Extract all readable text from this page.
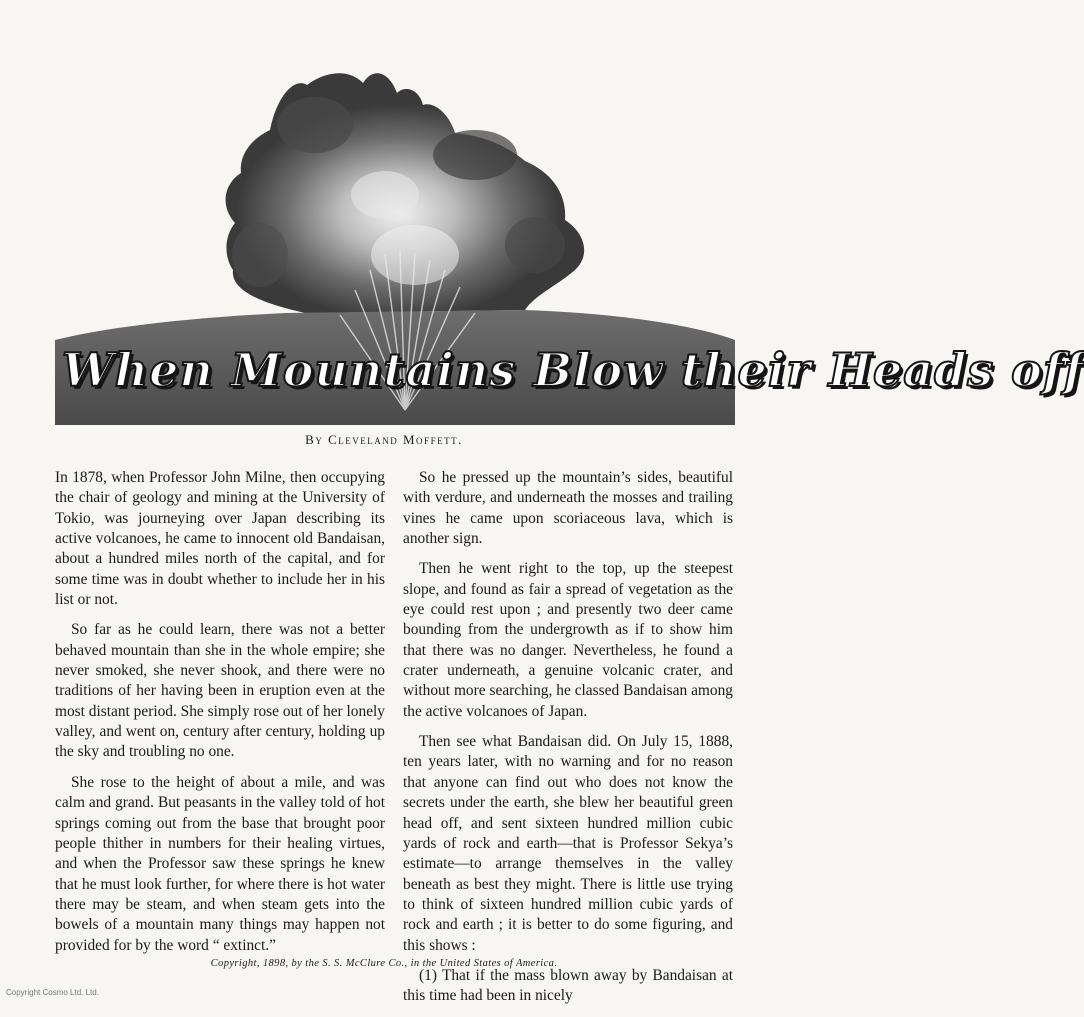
When Mountains Blow their Heads off
By Cleveland Moffett.

In 1878, when Professor John Milne, then occupying the chair of geology and mining at the University of Tokio, was journeying over Japan describing its active volcanoes, he came to innocent old Bandaisan, about a hundred miles north of the capital, and for some time was in doubt whether to include her in his list or not.

So far as he could learn, there was not a better behaved mountain than she in the whole empire; she never smoked, she never shook, and there were no traditions of her having been in eruption even at the most distant period. She simply rose out of her lonely valley, and went on, century after century, holding up the sky and troubling no one.

She rose to the height of about a mile, and was calm and grand. But peasants in the valley told of hot springs coming out from the base that brought poor people thither in numbers for their healing virtues, and when the Professor saw these springs he knew that he must look further, for where there is hot water there may be steam, and when steam gets into the bowels of a mountain many things may happen not provided for by the word “ extinct.”

So he pressed up the mountain’s sides, beautiful with verdure, and underneath the mosses and trailing vines he came upon scoriaceous lava, which is another sign.

Then he went right to the top, up the steepest slope, and found as fair a spread of vegetation as the eye could rest upon ; and presently two deer came bounding from the undergrowth as if to show him that there was no danger. Nevertheless, he found a crater underneath, a genuine volcanic crater, and without more searching, he classed Bandaisan among the active volcanoes of Japan.

Then see what Bandaisan did. On July 15, 1888, ten years later, with no warning and for no reason that anyone can find out who does not know the secrets under the earth, she blew her beautiful green head off, and sent sixteen hundred million cubic yards of rock and earth—that is Professor Sekya’s estimate—to arrange themselves in the valley beneath as best they might. There is little use trying to think of sixteen hundred million cubic yards of rock and earth ; it is better to do some figuring, and this shows :

(1) That if the mass blown away by Bandaisan at this time had been in nicely

Copyright, 1898, by the S. S. McClure Co., in the United States of America.
Copyright Cosmo Ltd. Ltd.
